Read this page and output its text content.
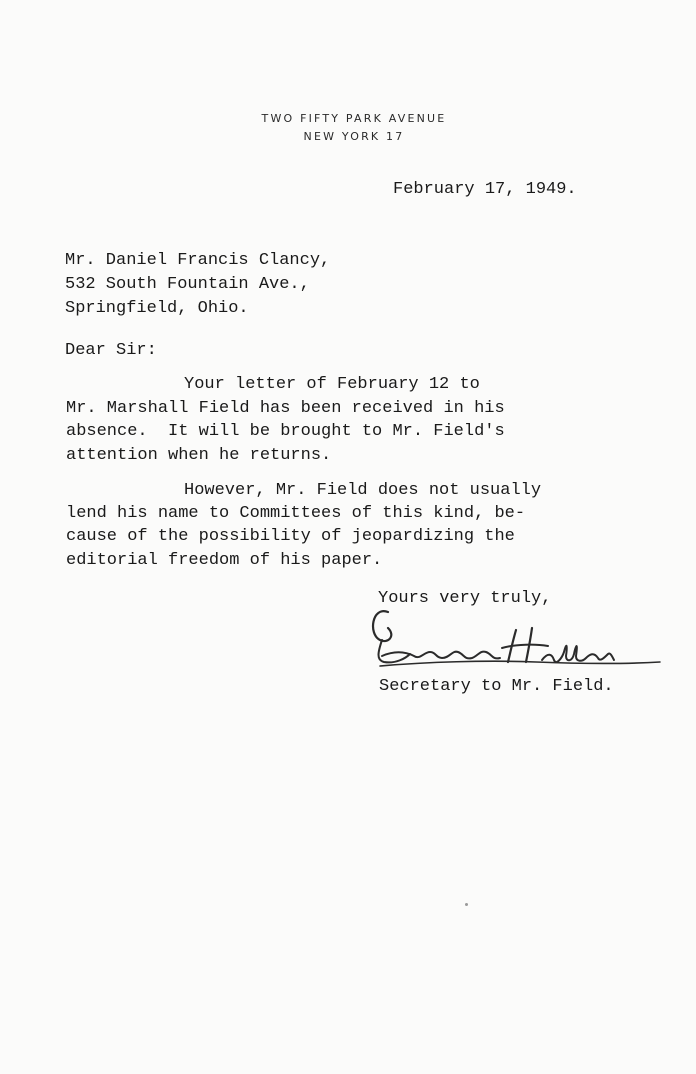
TWO FIFTY PARK AVENUE
NEW YORK 17
February 17, 1949.
Mr. Daniel Francis Clancy,
532 South Fountain Ave.,
Springfield, Ohio.
Dear Sir:
Your letter of February 12 to
Mr. Marshall Field has been received in his
absence.  It will be brought to Mr. Field's
attention when he returns.
However, Mr. Field does not usually
lend his name to Committees of this kind, be-
cause of the possibility of jeopardizing the
editorial freedom of his paper.
Yours very truly,
Secretary to Mr. Field.
